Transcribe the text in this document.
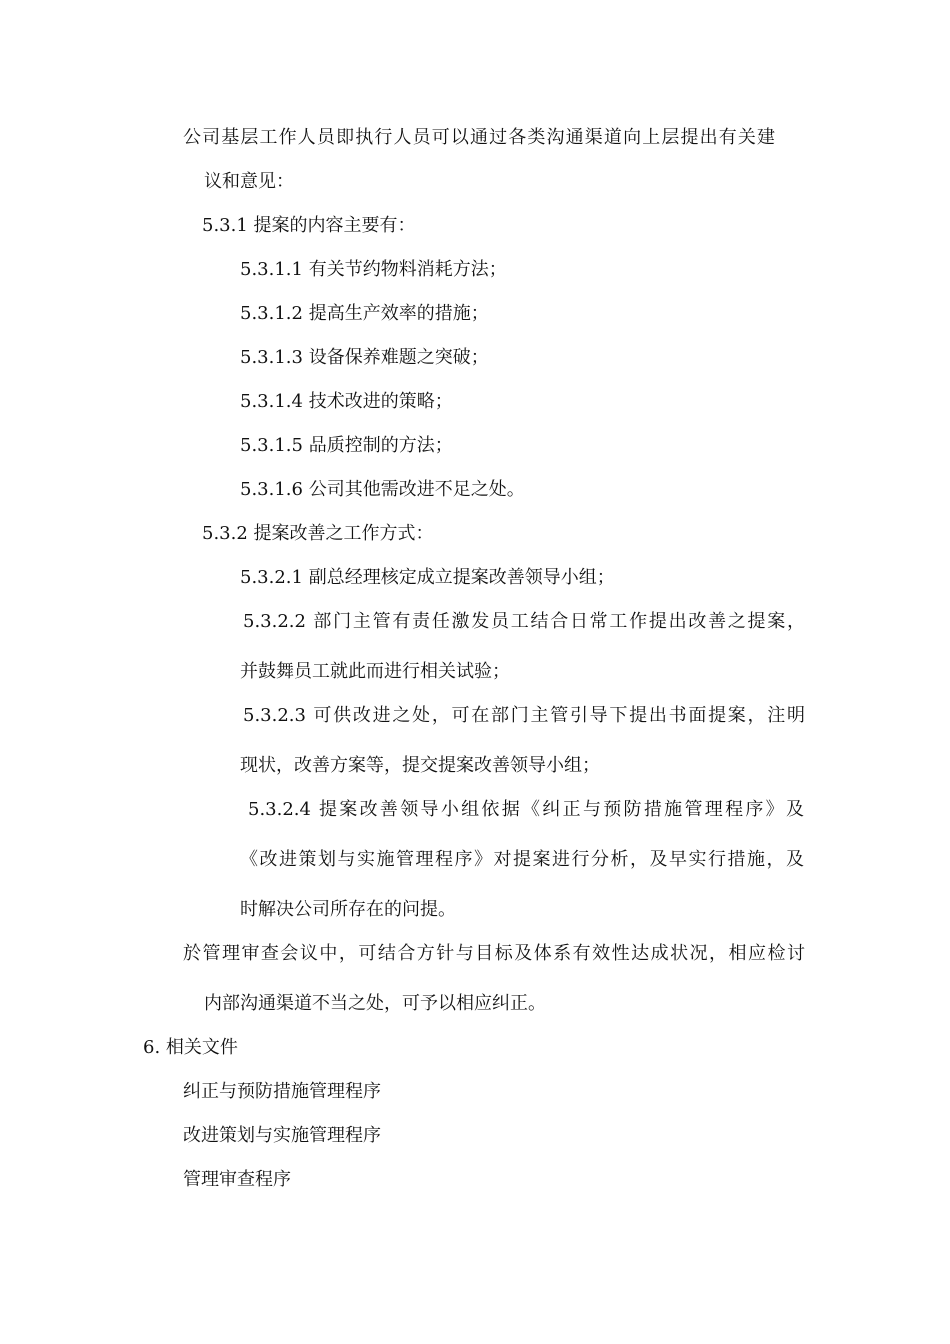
公司基层工作人员即执行人员可以通过各类沟通渠道向上层提出有关建

议和意见：

5.3.1 提案的内容主要有：

5.3.1.1 有关节约物料消耗方法；

5.3.1.2 提高生产效率的措施；

5.3.1.3 设备保养难题之突破；

5.3.1.4 技术改进的策略；

5.3.1.5 品质控制的方法；

5.3.1.6 公司其他需改进不足之处。

5.3.2 提案改善之工作方式：

5.3.2.1 副总经理核定成立提案改善领导小组；

5.3.2.2 部门主管有责任激发员工结合日常工作提出改善之提案，

并鼓舞员工就此而进行相关试验；

5.3.2.3 可供改进之处，可在部门主管引导下提出书面提案，注明

现状，改善方案等，提交提案改善领导小组；

5.3.2.4 提案改善领导小组依据《纠正与预防措施管理程序》及

《改进策划与实施管理程序》对提案进行分析，及早实行措施，及

时解决公司所存在的问提。

於管理审查会议中，可结合方针与目标及体系有效性达成状况，相应检讨

内部沟通渠道不当之处，可予以相应纠正。

6. 相关文件

纠正与预防措施管理程序

改进策划与实施管理程序

管理审查程序
